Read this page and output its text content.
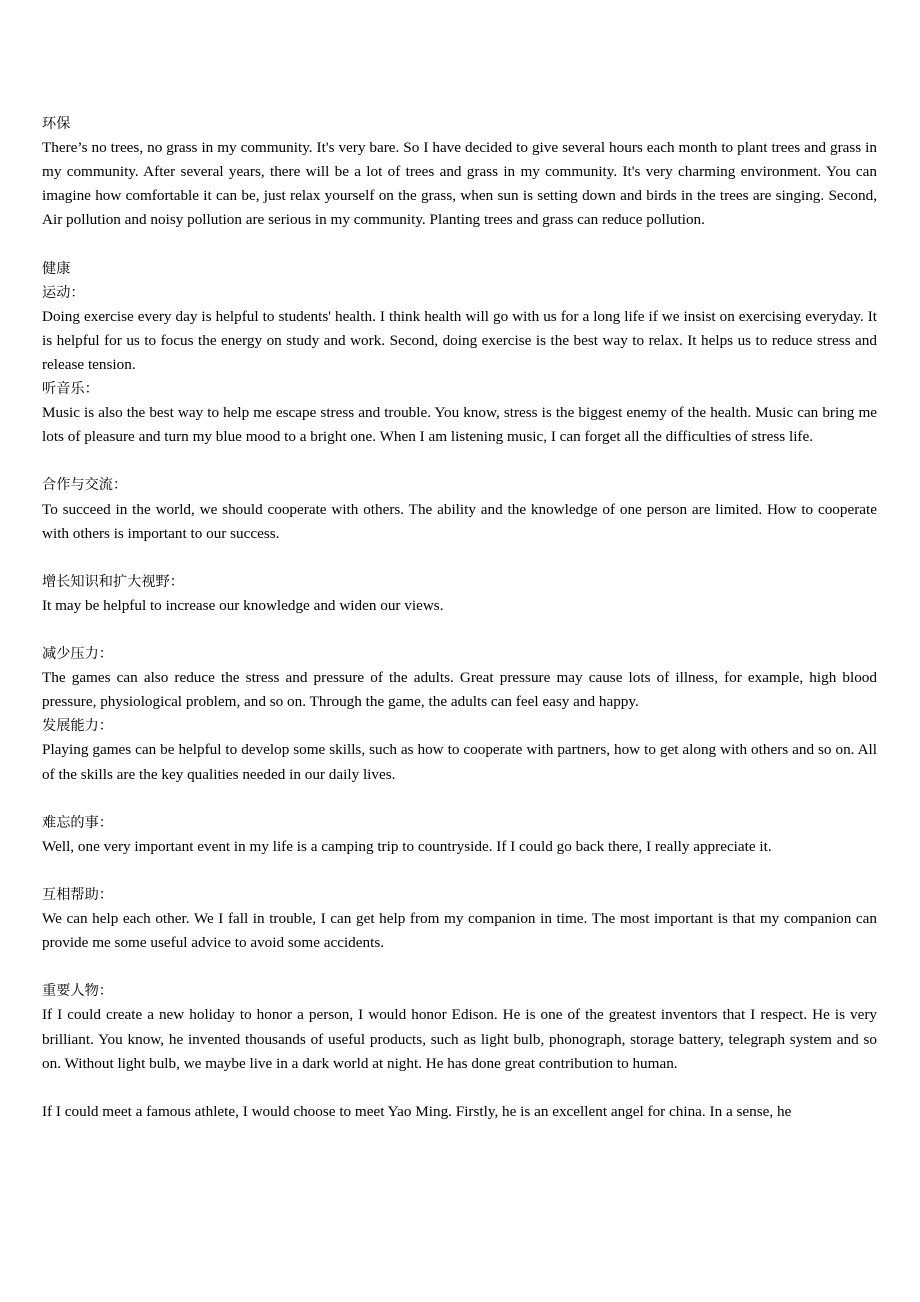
环保

There’s no trees, no grass in my community. It's very bare. So I have decided to give several hours each month to plant trees and grass in my community. After several years, there will be a lot of trees and grass in my community. It's very charming environment. You can imagine how comfortable it can be, just relax yourself on the grass, when sun is setting down and birds in the trees are singing. Second, Air pollution and noisy pollution are serious in my community. Planting trees and grass can reduce pollution.

健康

运动：

Doing exercise every day is helpful to students' health. I think health will go with us for a long life if we insist on exercising everyday. It is helpful for us to focus the energy on study and work. Second, doing exercise is the best way to relax. It helps us to reduce stress and release tension.

听音乐：

Music is also the best way to help me escape stress and trouble. You know, stress is the biggest enemy of the health. Music can bring me lots of pleasure and turn my blue mood to a bright one. When I am listening music, I can forget all the difficulties of stress life.

合作与交流：

To succeed in the world, we should cooperate with others. The ability and the knowledge of one person are limited. How to cooperate with others is important to our success.

增长知识和扩大视野：

It may be helpful to increase our knowledge and widen our views.

减少压力：

The games can also reduce the stress and pressure of the adults. Great pressure may cause lots of illness, for example, high blood pressure, physiological problem, and so on. Through the game, the adults can feel easy and happy.

发展能力：

Playing games can be helpful to develop some skills, such as how to cooperate with partners, how to get along with others and so on. All of the skills are the key qualities needed in our daily lives.

难忘的事：

Well, one very important event in my life is a camping trip to countryside. If I could go back there, I really appreciate it.

互相帮助：

We can help each other. We I fall in trouble, I can get help from my companion in time. The most important is that my companion can provide me some useful advice to avoid some accidents.

重要人物：

If I could create a new holiday to honor a person, I would honor Edison. He is one of the greatest inventors that I respect. He is very brilliant. You know, he invented thousands of useful products, such as light bulb, phonograph, storage battery, telegraph system and so on. Without light bulb, we maybe live in a dark world at night. He has done great contribution to human.

If I could meet a famous athlete, I would choose to meet Yao Ming. Firstly, he is an excellent angel for china. In a sense, he
